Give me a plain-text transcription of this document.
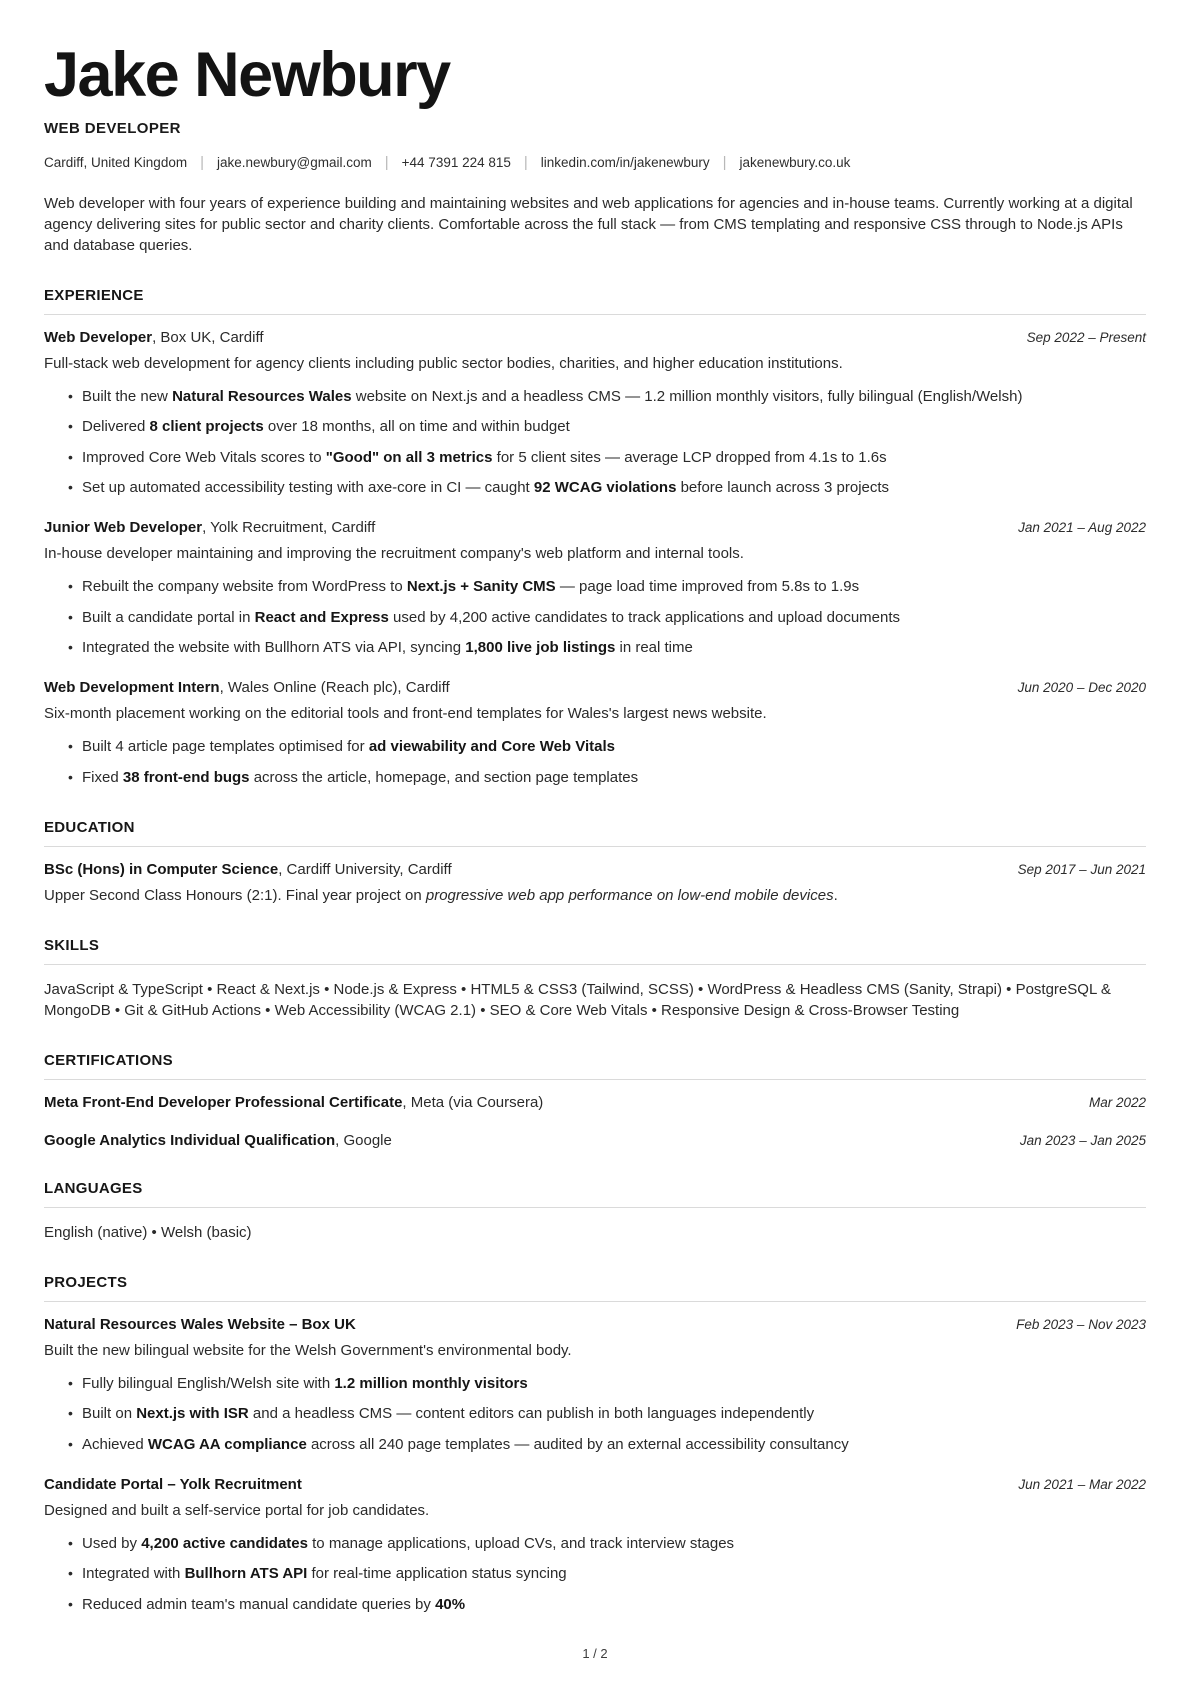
Jake Newbury
WEB DEVELOPER
Cardiff, United Kingdom | jake.newbury@gmail.com | +44 7391 224 815 | linkedin.com/in/jakenewbury | jakenewbury.co.uk

Web developer with four years of experience building and maintaining websites and web applications for agencies and in-house teams. Currently working at a digital agency delivering sites for public sector and charity clients. Comfortable across the full stack — from CMS templating and responsive CSS through to Node.js APIs and database queries.

EXPERIENCE
Web Developer, Box UK, Cardiff	Sep 2022 – Present

Full-stack web development for agency clients including public sector bodies, charities, and higher education institutions.

• Built the new Natural Resources Wales website on Next.js and a headless CMS — 1.2 million monthly visitors, fully bilingual (English/Welsh)
• Delivered 8 client projects over 18 months, all on time and within budget
• Improved Core Web Vitals scores to "Good" on all 3 metrics for 5 client sites — average LCP dropped from 4.1s to 1.6s
• Set up automated accessibility testing with axe-core in CI — caught 92 WCAG violations before launch across 3 projects
Junior Web Developer, Yolk Recruitment, Cardiff	Jan 2021 – Aug 2022

In-house developer maintaining and improving the recruitment company's web platform and internal tools.

• Rebuilt the company website from WordPress to Next.js + Sanity CMS — page load time improved from 5.8s to 1.9s
• Built a candidate portal in React and Express used by 4,200 active candidates to track applications and upload documents
• Integrated the website with Bullhorn ATS via API, syncing 1,800 live job listings in real time
Web Development Intern, Wales Online (Reach plc), Cardiff	Jun 2020 – Dec 2020

Six-month placement working on the editorial tools and front-end templates for Wales's largest news website.

• Built 4 article page templates optimised for ad viewability and Core Web Vitals
• Fixed 38 front-end bugs across the article, homepage, and section page templates
EDUCATION
BSc (Hons) in Computer Science, Cardiff University, Cardiff	Sep 2017 – Jun 2021

Upper Second Class Honours (2:1). Final year project on progressive web app performance on low-end mobile devices.

SKILLS

JavaScript & TypeScript • React & Next.js • Node.js & Express • HTML5 & CSS3 (Tailwind, SCSS) • WordPress & Headless CMS (Sanity, Strapi) • PostgreSQL & MongoDB • Git & GitHub Actions • Web Accessibility (WCAG 2.1) • SEO & Core Web Vitals • Responsive Design & Cross-Browser Testing

CERTIFICATIONS
Meta Front-End Developer Professional Certificate, Meta (via Coursera)	Mar 2022
Google Analytics Individual Qualification, Google	Jan 2023 – Jan 2025
LANGUAGES

English (native) • Welsh (basic)

PROJECTS
Natural Resources Wales Website – Box UK	Feb 2023 – Nov 2023

Built the new bilingual website for the Welsh Government's environmental body.

• Fully bilingual English/Welsh site with 1.2 million monthly visitors
• Built on Next.js with ISR and a headless CMS — content editors can publish in both languages independently
• Achieved WCAG AA compliance across all 240 page templates — audited by an external accessibility consultancy
Candidate Portal – Yolk Recruitment	Jun 2021 – Mar 2022

Designed and built a self-service portal for job candidates.

• Used by 4,200 active candidates to manage applications, upload CVs, and track interview stages
• Integrated with Bullhorn ATS API for real-time application status syncing
• Reduced admin team's manual candidate queries by 40%
1 / 2
